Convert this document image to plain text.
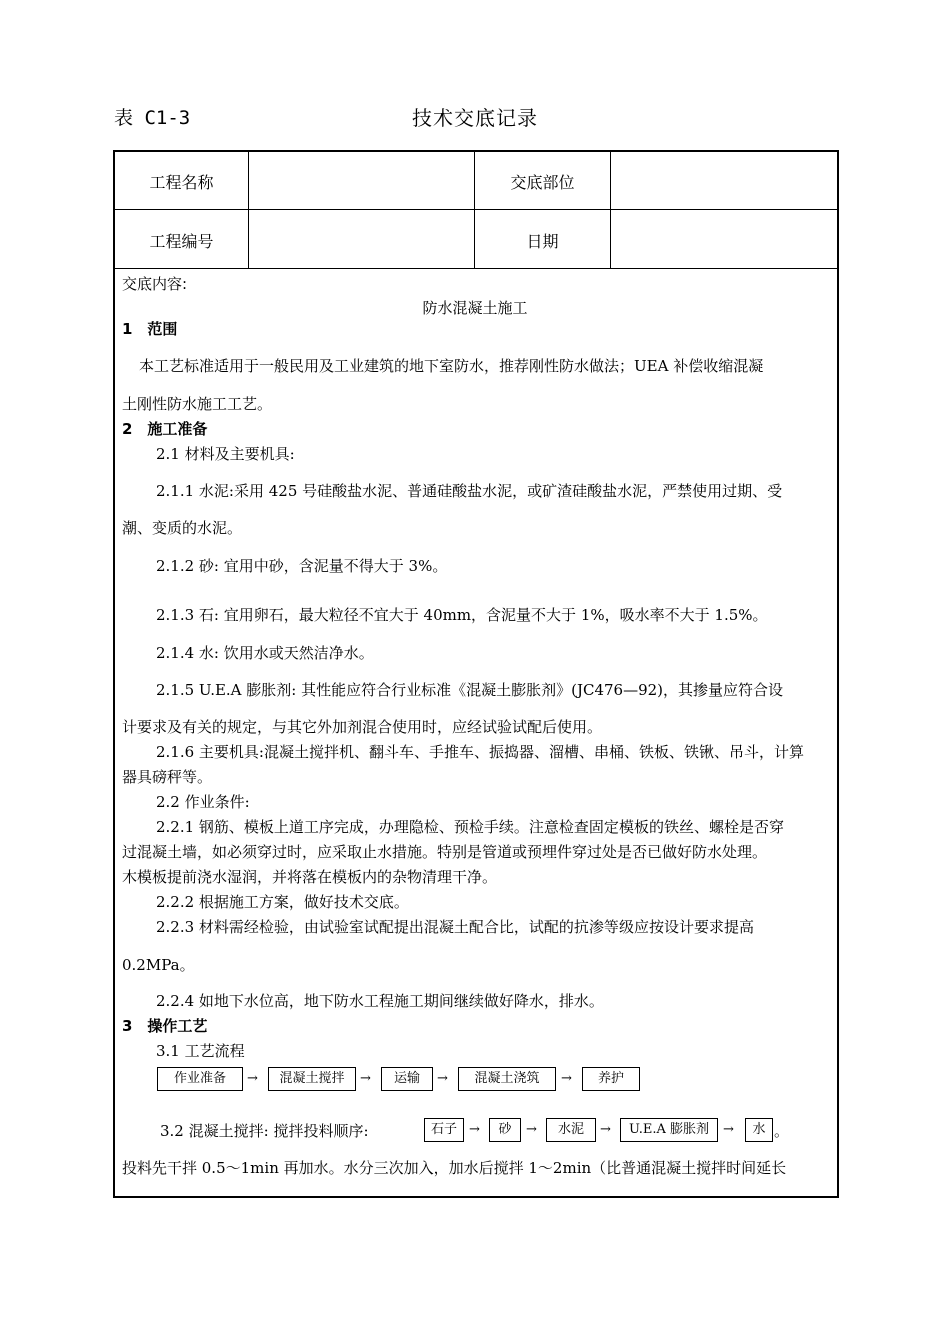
表 C1-3	技术交底记录
工程名称	交底部位
工程编号	日期
交底内容:
防水混凝土施工
1　范围
本工艺标准适用于一般民用及工业建筑的地下室防水，推荐刚性防水做法；UEA 补偿收缩混凝
土刚性防水施工工艺。
2　施工准备
2.1 材料及主要机具:
2.1.1 水泥:采用 425 号硅酸盐水泥、普通硅酸盐水泥，或矿渣硅酸盐水泥，严禁使用过期、受
潮、变质的水泥。
2.1.2 砂: 宜用中砂，含泥量不得大于 3%。
2.1.3 石: 宜用卵石，最大粒径不宜大于 40mm，含泥量不大于 1%，吸水率不大于 1.5%。
2.1.4 水: 饮用水或天然洁净水。
2.1.5 U.E.A 膨胀剂: 其性能应符合行业标准《混凝土膨胀剂》(JC476—92)，其掺量应符合设
计要求及有关的规定，与其它外加剂混合使用时，应经试验试配后使用。
2.1.6 主要机具:混凝土搅拌机、翻斗车、手推车、振捣器、溜槽、串桶、铁板、铁锹、吊斗，计算
器具磅秤等。
2.2 作业条件:
2.2.1 钢筋、模板上道工序完成，办理隐检、预检手续。注意检查固定模板的铁丝、螺栓是否穿
过混凝土墙，如必须穿过时，应采取止水措施。特别是管道或预埋件穿过处是否已做好防水处理。
木模板提前浇水湿润，并将落在模板内的杂物清理干净。
2.2.2 根据施工方案，做好技术交底。
2.2.3 材料需经检验，由试验室试配提出混凝土配合比，试配的抗渗等级应按设计要求提高
0.2MPa。
2.2.4 如地下水位高，地下防水工程施工期间继续做好降水，排水。
3　操作工艺
3.1 工艺流程
作业准备	→	混凝土搅拌	→	运输	→	混凝土浇筑	→	养护
3.2 混凝土搅拌: 搅拌投料顺序:	石子 →	砂	→	水泥	→	U.E.A 膨胀剂	→	水 。
投料先干拌 0.5～1min 再加水。水分三次加入，加水后搅拌 1～2min（比普通混凝土搅拌时间延长
